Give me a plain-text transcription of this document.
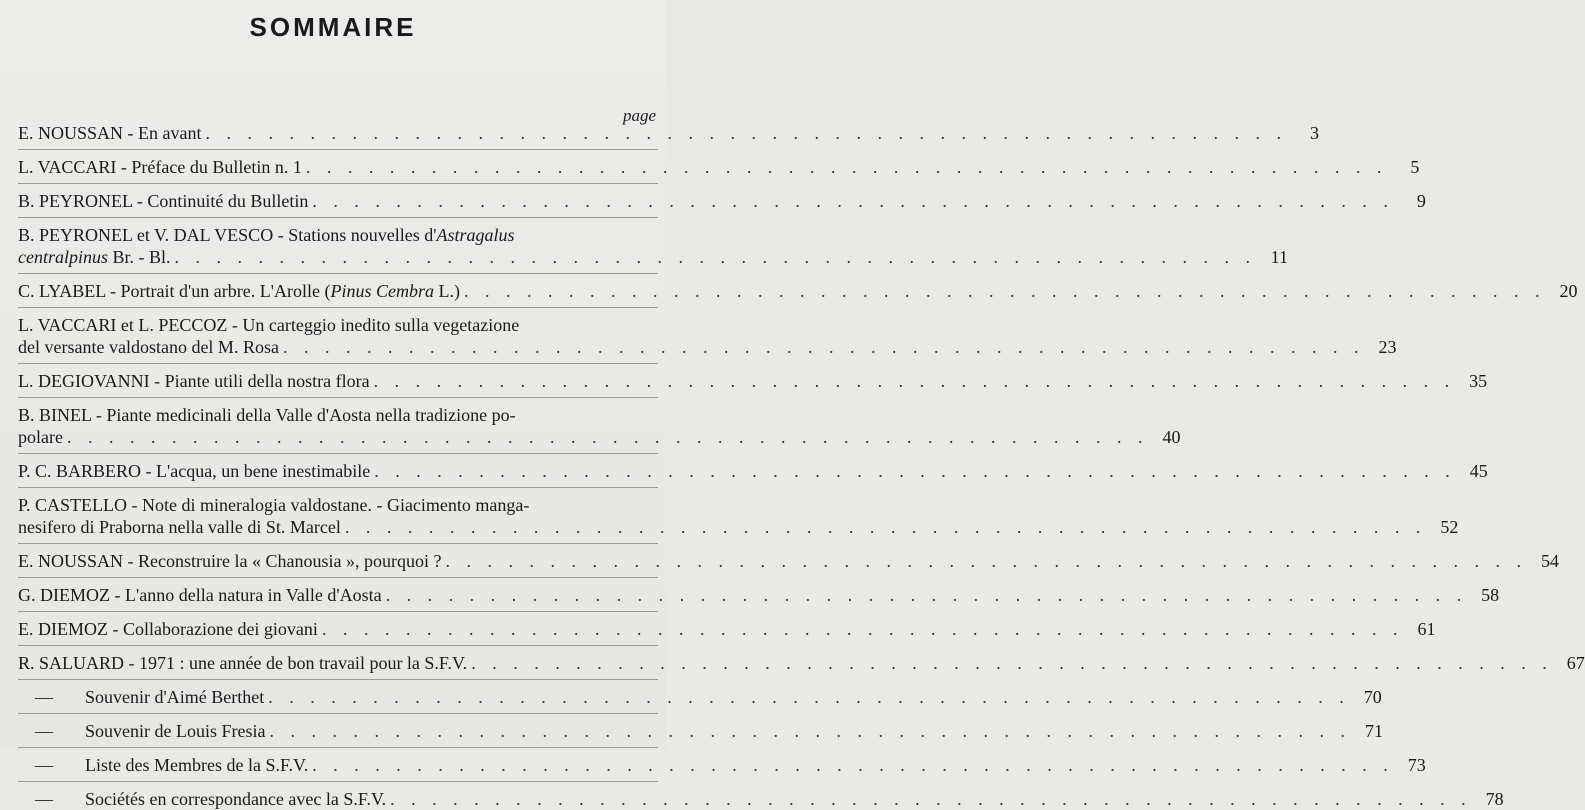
SOMMAIRE
page
E. NOUSSAN - En avant . . . . . . . . . . . . . . . . . . . . . . . . . . . . . . . . . . . . . . . . . . . . . . . . . . . .	3
L. VACCARI - Préface du Bulletin n. 1 . . . . . . . . . . . . . . . . . . . . . . . . . . . . . . . . . . . . . . . . . . . . . . . . . . . .	5
B. PEYRONEL - Continuité du Bulletin . . . . . . . . . . . . . . . . . . . . . . . . . . . . . . . . . . . . . . . . . . . . . . . . . . . .	9
B. PEYRONEL et V. DAL VESCO - Stations nouvelles d'Astragalus
centralpinus Br. - Bl. . . . . . . . . . . . . . . . . . . . . . . . . . . . . . . . . . . . . . . . . . . . . . . . . . . . . 11
C. LYABEL - Portrait d'un arbre. L'Arolle (Pinus Cembra L.) . . . . . . . . . . . . . . . . . . . . . . . . . . . . . . . . . . . . . . . . . . . . . . . . . . . . 20
L. VACCARI et L. PECCOZ - Un carteggio inedito sulla vegetazione
del versante valdostano del M. Rosa . . . . . . . . . . . . . . . . . . . . . . . . . . . . . . . . . . . . . . . . . . . . . . . . . . . . 23
L. DEGIOVANNI - Piante utili della nostra flora . . . . . . . . . . . . . . . . . . . . . . . . . . . . . . . . . . . . . . . . . . . . . . . . . . . . 35
B. BINEL - Piante medicinali della Valle d'Aosta nella tradizione po-
polare . . . . . . . . . . . . . . . . . . . . . . . . . . . . . . . . . . . . . . . . . . . . . . . . . . . . 40
P. C. BARBERO - L'acqua, un bene inestimabile . . . . . . . . . . . . . . . . . . . . . . . . . . . . . . . . . . . . . . . . . . . . . . . . . . . . 45
P. CASTELLO - Note di mineralogia valdostane. - Giacimento manga-
nesifero di Praborna nella valle di St. Marcel . . . . . . . . . . . . . . . . . . . . . . . . . . . . . . . . . . . . . . . . . . . . . . . . . . . . 52
E. NOUSSAN - Reconstruire la « Chanousia », pourquoi ? . . . . . . . . . . . . . . . . . . . . . . . . . . . . . . . . . . . . . . . . . . . . . . . . . . . . 54
G. DIEMOZ - L'anno della natura in Valle d'Aosta . . . . . . . . . . . . . . . . . . . . . . . . . . . . . . . . . . . . . . . . . . . . . . . . . . . . 58
E. DIEMOZ - Collaborazione dei giovani . . . . . . . . . . . . . . . . . . . . . . . . . . . . . . . . . . . . . . . . . . . . . . . . . . . . 61
R. SALUARD - 1971 : une année de bon travail pour la S.F.V. . . . . . . . . . . . . . . . . . . . . . . . . . . . . . . . . . . . . . . . . . . . . . . . . . . . . 67
— Souvenir d'Aimé Berthet . . . . . . . . . . . . . . . . . . . . . . . . . . . . . . . . . . . . . . . . . . . . . . . . . . . . 70
— Souvenir de Louis Fresia . . . . . . . . . . . . . . . . . . . . . . . . . . . . . . . . . . . . . . . . . . . . . . . . . . . . 71
— Liste des Membres de la S.F.V. . . . . . . . . . . . . . . . . . . . . . . . . . . . . . . . . . . . . . . . . . . . . . . . . . . . . 73
— Sociétés en correspondance avec la S.F.V. . . . . . . . . . . . . . . . . . . . . . . . . . . . . . . . . . . . . . . . . . . . . . . . . . . . . 78
